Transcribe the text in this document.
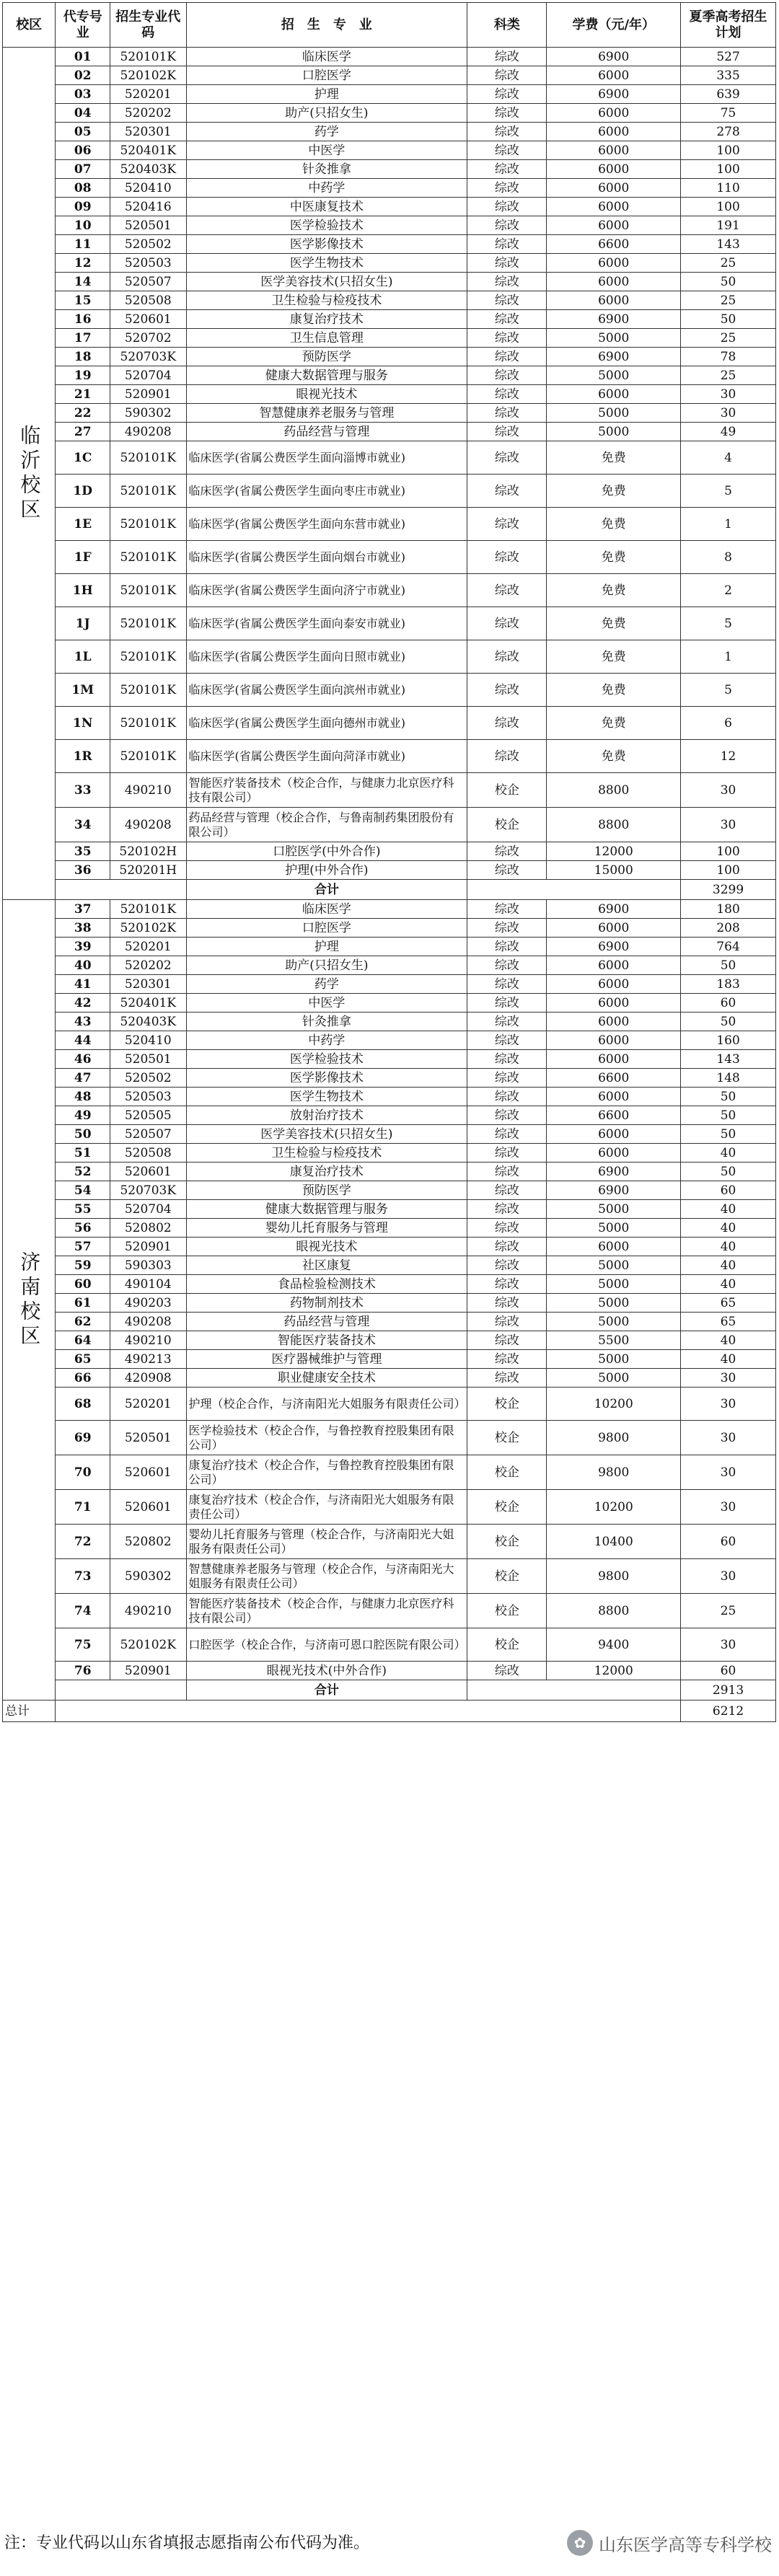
校区	代专号业	招生专业代码	招　生　专　业	科类	学费（元/年）	夏季高考招生计划
临沂校区	01	520101K	临床医学	综改	6900	527
	02	520102K	口腔医学	综改	6000	335
	03	520201	护理	综改	6900	639
	04	520202	助产(只招女生)	综改	6000	75
	05	520301	药学	综改	6000	278
	06	520401K	中医学	综改	6000	100
	07	520403K	针灸推拿	综改	6000	100
	08	520410	中药学	综改	6000	110
	09	520416	中医康复技术	综改	6000	100
	10	520501	医学检验技术	综改	6000	191
	11	520502	医学影像技术	综改	6600	143
	12	520503	医学生物技术	综改	6000	25
	14	520507	医学美容技术(只招女生)	综改	6000	50
	15	520508	卫生检验与检疫技术	综改	6000	25
	16	520601	康复治疗技术	综改	6900	50
	17	520702	卫生信息管理	综改	5000	25
	18	520703K	预防医学	综改	6900	78
	19	520704	健康大数据管理与服务	综改	5000	25
	21	520901	眼视光技术	综改	6000	30
	22	590302	智慧健康养老服务与管理	综改	5000	30
	27	490208	药品经营与管理	综改	5000	49
	1C	520101K	临床医学(省属公费医学生面向淄博市就业)	综改	免费	4
	1D	520101K	临床医学(省属公费医学生面向枣庄市就业)	综改	免费	5
	1E	520101K	临床医学(省属公费医学生面向东营市就业)	综改	免费	1
	1F	520101K	临床医学(省属公费医学生面向烟台市就业)	综改	免费	8
	1H	520101K	临床医学(省属公费医学生面向济宁市就业)	综改	免费	2
	1J	520101K	临床医学(省属公费医学生面向泰安市就业)	综改	免费	5
	1L	520101K	临床医学(省属公费医学生面向日照市就业)	综改	免费	1
	1M	520101K	临床医学(省属公费医学生面向滨州市就业)	综改	免费	5
	1N	520101K	临床医学(省属公费医学生面向德州市就业)	综改	免费	6
	1R	520101K	临床医学(省属公费医学生面向菏泽市就业)	综改	免费	12
	33	490210	智能医疗装备技术（校企合作，与健康力北京医疗科技有限公司）	校企	8800	30
	34	490208	药品经营与管理（校企合作，与鲁南制药集团股份有限公司）	校企	8800	30
	35	520102H	口腔医学(中外合作)	综改	12000	100
	36	520201H	护理(中外合作)	综改	15000	100
			合计			3299
济南校区	37	520101K	临床医学	综改	6900	180
	38	520102K	口腔医学	综改	6000	208
	39	520201	护理	综改	6900	764
	40	520202	助产(只招女生)	综改	6000	50
	41	520301	药学	综改	6000	183
	42	520401K	中医学	综改	6000	60
	43	520403K	针灸推拿	综改	6000	50
	44	520410	中药学	综改	6000	160
	46	520501	医学检验技术	综改	6000	143
	47	520502	医学影像技术	综改	6600	148
	48	520503	医学生物技术	综改	6000	50
	49	520505	放射治疗技术	综改	6600	50
	50	520507	医学美容技术(只招女生)	综改	6000	50
	51	520508	卫生检验与检疫技术	综改	6000	40
	52	520601	康复治疗技术	综改	6900	50
	54	520703K	预防医学	综改	6900	60
	55	520704	健康大数据管理与服务	综改	5000	40
	56	520802	婴幼儿托育服务与管理	综改	5000	40
	57	520901	眼视光技术	综改	6000	40
	59	590303	社区康复	综改	5000	40
	60	490104	食品检验检测技术	综改	5000	40
	61	490203	药物制剂技术	综改	5000	65
	62	490208	药品经营与管理	综改	5000	65
	64	490210	智能医疗装备技术	综改	5500	40
	65	490213	医疗器械维护与管理	综改	5000	40
	66	420908	职业健康安全技术	综改	5000	30
	68	520201	护理（校企合作，与济南阳光大姐服务有限责任公司）	校企	10200	30
	69	520501	医学检验技术（校企合作，与鲁控教育控股集团有限公司）	校企	9800	30
	70	520601	康复治疗技术（校企合作，与鲁控教育控股集团有限公司）	校企	9800	30
	71	520601	康复治疗技术（校企合作，与济南阳光大姐服务有限责任公司）	校企	10200	30
	72	520802	婴幼儿托育服务与管理（校企合作，与济南阳光大姐服务有限责任公司）	校企	10400	60
	73	590302	智慧健康养老服务与管理（校企合作，与济南阳光大姐服务有限责任公司）	校企	9800	30
	74	490210	智能医疗装备技术（校企合作，与健康力北京医疗科技有限公司）	校企	8800	25
	75	520102K	口腔医学（校企合作，与济南可恩口腔医院有限公司）	校企	9400	30
	76	520901	眼视光技术(中外合作)	综改	12000	60
			合计			2913
总计						6212
注：专业代码以山东省填报志愿指南公布代码为准。	✿ 山东医学高等专科学校
